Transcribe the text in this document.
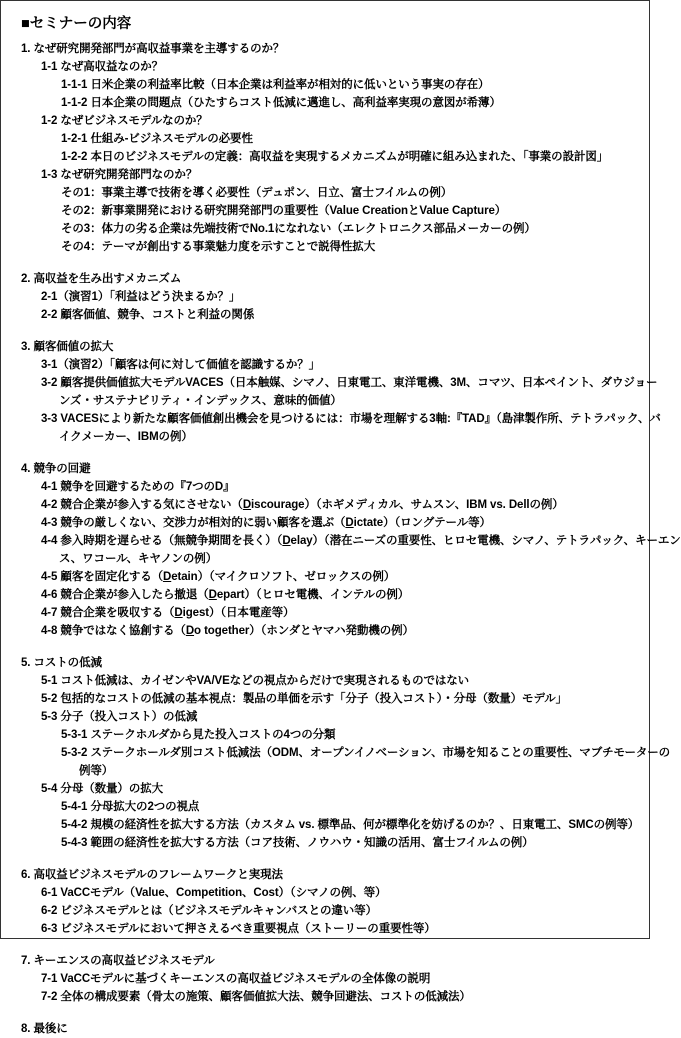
■セミナーの内容
1. なぜ研究開発部門が高収益事業を主導するのか？
1-1 なぜ高収益なのか？
1-1-1 日米企業の利益率比較（日本企業は利益率が相対的に低いという事実の存在）
1-1-2 日本企業の問題点（ひたすらコスト低減に邁進し、高利益率実現の意図が希薄）
1-2 なぜビジネスモデルなのか？
1-2-1 仕組み-ビジネスモデルの必要性
1-2-2 本日のビジネスモデルの定義：高収益を実現するメカニズムが明確に組み込まれた、「事業の設計図」
1-3 なぜ研究開発部門なのか？
その1：事業主導で技術を導く必要性（デュポン、日立、富士フイルムの例）
その2：新事業開発における研究開発部門の重要性（Value CreationとValue Capture）
その3：体力の劣る企業は先端技術でNo.1になれない（エレクトロニクス部品メーカーの例）
その4：テーマが創出する事業魅力度を示すことで説得性拡大
2. 高収益を生み出すメカニズム
2-1（演習1）「利益はどう決まるか？」
2-2 顧客価値、競争、コストと利益の関係
3. 顧客価値の拡大
3-1（演習2）「顧客は何に対して価値を認識するか？」
3-2 顧客提供価値拡大モデルVACES（日本触媒、シマノ、日東電工、東洋電機、3M、コマツ、日本ペイント、ダウジョー
ンズ・サステナビリティ・インデックス、意味的価値）
3-3 VACESにより新たな顧客価値創出機会を見つけるには：市場を理解する3軸:『TAD』（島津製作所、テトラパック、バ
イクメーカー、IBMの例）
4. 競争の回避
4-1 競争を回避するための『7つのD』
4-2 競合企業が参入する気にさせない（Discourage）（ホギメディカル、サムスン、IBM vs. Dellの例）
4-3 競争の厳しくない、交渉力が相対的に弱い顧客を選ぶ（Dictate）（ロングテール等）
4-4 参入時期を遅らせる（無競争期間を長く）（Delay）（潜在ニーズの重要性、ヒロセ電機、シマノ、テトラパック、キーエン
ス、ワコール、キヤノンの例）
4-5 顧客を固定化する（Detain）（マイクロソフト、ゼロックスの例）
4-6 競合企業が参入したら撤退（Depart）（ヒロセ電機、インテルの例）
4-7 競合企業を吸収する（Digest）（日本電産等）
4-8 競争ではなく協創する（Do together）（ホンダとヤマハ発動機の例）
5. コストの低減
5-1 コスト低減は、カイゼンやVA/VEなどの視点からだけで実現されるものではない
5-2 包括的なコストの低減の基本視点：製品の単価を示す「分子（投入コスト）・分母（数量）モデル」
5-3 分子（投入コスト）の低減
5-3-1 ステークホルダから見た投入コストの4つの分類
5-3-2 ステークホールダ別コスト低減法（ODM、オープンイノベーション、市場を知ることの重要性、マブチモーターの
例等）
5-4 分母（数量）の拡大
5-4-1 分母拡大の2つの視点
5-4-2 規模の経済性を拡大する方法（カスタム vs. 標準品、何が標準化を妨げるのか？、日東電工、SMCの例等）
5-4-3 範囲の経済性を拡大する方法（コア技術、ノウハウ・知識の活用、富士フイルムの例）
6. 高収益ビジネスモデルのフレームワークと実現法
6-1 VaCCモデル（Value、Competition、Cost）（シマノの例、等）
6-2 ビジネスモデルとは（ビジネスモデルキャンバスとの違い等）
6-3 ビジネスモデルにおいて押さえるべき重要視点（ストーリーの重要性等）
7. キーエンスの高収益ビジネスモデル
7-1 VaCCモデルに基づくキーエンスの高収益ビジネスモデルの全体像の説明
7-2 全体の構成要素（骨太の施策、顧客価値拡大法、競争回避法、コストの低減法）
8. 最後に
